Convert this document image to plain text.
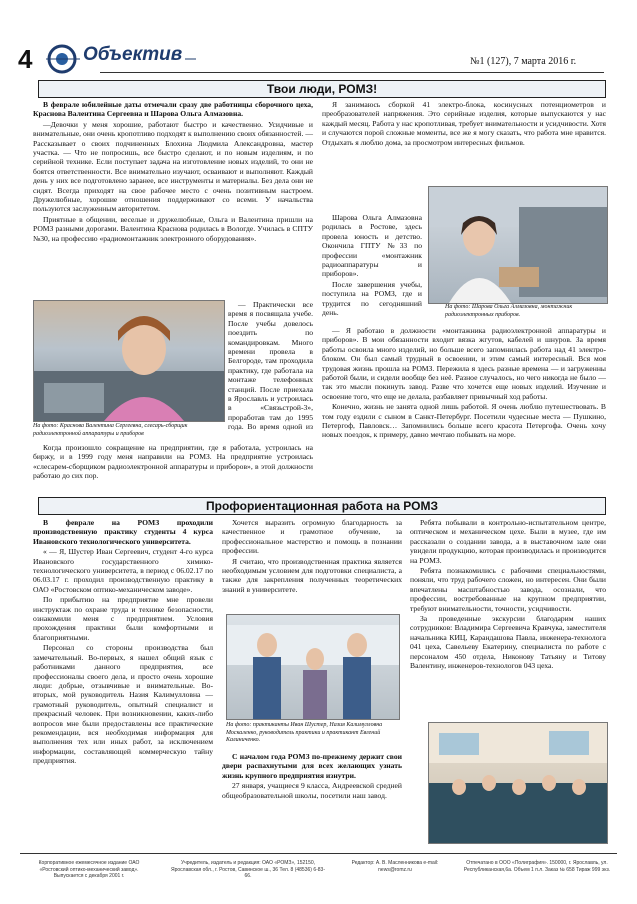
4	Объектив	№1 (127), 7 марта 2016 г.
Твои люди, РОМЗ!

В феврале юбилейные даты отмечали сразу две работницы сборочного цеха, Краснова Валентина Сергеевна и Шарова Ольга Алмазовна.

—Девочки у меня хорошие, работают быстро и качественно. Усидчивые и внимательные, они очень кропотливо подходят к выполнению своих обязанностей. — Рассказывает о своих подчиненных Блохина Людмила Александровна, мастер участка. — Что не попросишь, все быстро сделают, и по новым изделиям, и по серийной технике. Если поступает задача на изготовление новых изделий, то они не боятся ответственности. Все внимательно изучают, осваивают и выполняют. Каждый день у них все подготовлено заранее, все инструменты и материалы. Без дела они не сидят. Всегда приходят на свое рабочее место с очень позитивным настроем. Дружелюбные, хорошие отношения поддерживают со всеми. У начальства пользуются заслуженным авторитетом.

Приятные в общении, веселые и дружелюбные, Ольга и Валентина пришли на РОМЗ разными дорогами. Валентина Краснова родилась в Вологде. Училась в СПТУ №30, на профессию «радиомонтажник электронного оборудования».

На фото: Краснова Валентина Сергеевна, слесарь-сборщик радиоэлектронной аппаратуры и приборов

— Практически все время я посвящала учебе. После учебы довелось поездить по командировкам. Много времени провела в Белгороде, там проходила практику, где работала на монтаже телефонных станций. После приехала в Ярославль и устроилась в «Связьстрой-3», проработав там до 1995 года. Во время одной из

Когда произошло сокращение на предприятии, где я работала, устроилась на биржу, и в 1999 году меня направили на РОМЗ. На предприятие устроилась «слесарем-сборщиком радиоэлектронной аппаратуры и приборов», в этой должности работаю до сих пор.

Я занимаюсь сборкой 41 электро-блока, косинусных потенциометров и преобразователей напряжения. Это серийные изделия, которые выпускаются у нас каждый месяц. Работа у нас кропотливая, требует внимательности и усидчивости. Хотя и случаются порой сложные моменты, все же я могу сказать, что работа мне нравится. Отдыхать я люблю дома, за просмотром интересных фильмов.

Шарова Ольга Алмазовна родилась в Ростове, здесь провела юность и детство. Окончила ГПТУ №33 по профессии «монтажник радиоаппаратуры и приборов».

После завершения учебы, поступила на РОМЗ, где и трудится по сегодняшний день.

На фото: Шарова Ольга Алмазовна, монтажник радиоэлектронных приборов.

— Я работаю в должности «монтажника радиоэлектронной аппаратуры и приборов». В мои обязанности входит вязка жгутов, кабелей и шнуров. За время работы освоила много изделий, но больше всего запомнилась работа над 41 электро-блоком. Он был самый трудный в освоении, и этим самый интересный. Вся моя трудовая жизнь прошла на РОМЗ. Пережила я здесь разные времена — и загруженны работой были, и сидели вообще без неё. Разное случалось, но чего никогда не было — так это мысли покинуть завод. Разве что хочется еще новых изделий. Изучение и освоение того, что еще не делала, разбавляет привычный ход работы.

Конечно, жизнь не занята одной лишь работой. Я очень люблю путешествовать. В том году ездили с сыном в Санкт-Петербург. Посетили чудесные места — Пушкино, Петергоф, Павловск… Запомнились больше всего красота Петергофа. Очень хочу новых поездок, к примеру, давно мечтаю побывать на море.

Профориентационная работа на РОМЗ

В феврале на РОМЗ проходили производственную практику студенты 4 курса Ивановского технологического университета.

« — Я, Шустер Иван Сергеевич, студент 4-го курса Ивановского государственного химико-технологического университета, в период с 06.02.17 по 06.03.17 г. проходил производственную практику в ОАО «Ростовском оптико-механическом заводе».

По прибытию на предприятие мне провели инструктаж по охране труда и технике безопасности, ознакомили меня с предприятием. Условия прохождения практики были комфортными и благоприятными.

Персонал со стороны производства был замечательный. Во-первых, я нашел общий язык с работниками данного предприятия, все профессионалы своего дела, и просто очень хорошие люди: добрые, отзывчивые и внимательные. Во-вторых, мой руководитель Назия Калимулловна — грамотный руководитель, опытный специалист и прекрасный человек. При возникновении, каких-либо вопросов мне были предоставлены все практические рекомендации, вся необходимая информация для выполнения тех или иных работ, за исключением информации, составляющей коммерческую тайну предприятия.

Хочется выразить огромную благодарность за качественное и грамотное обучение, за профессиональное мастерство и помощь в познании профессии.

Я считаю, что производственная практика является необходимым условием для подготовки специалиста, а также для закрепления полученных теоретических знаний в университете.

На фото: практиканты Иван Шустер, Назия Калимулловна Москаленко, руководитель практики и практикант Евгений Калиниченко.

С началом года РОМЗ по-прежнему держит свои двери распахнутыми для всех желающих узнать жизнь крупного предприятия изнутри.

27 января, учащиеся 9 класса, Андреевской средней общеобразовательной школы, посетили наш завод.

Ребята побывали в контрольно-испытательном центре, оптическом и механическом цехе. Были в музее, где им рассказали о создании завода, а в выставочном зале они увидели продукцию, которая производилась и производится на РОМЗ.

Ребята познакомились с рабочими специальностями, поняли, что труд рабочего сложен, но интересен. Они были впечатлены масштабностью завода, осознали, что профессии, востребованные на крупном предприятии, требуют внимательности, точности, усидчивости.

За проведенные экскурсии благодарим наших сотрудников: Владимира Сергеевича Кравчука, заместителя начальника КИЦ, Карандашова Павла, инженера-технолога 041 цеха, Савельеву Екатерину, специалиста по работе с персоналом 450 отдела, Никонову Татьяну и Титову Валентину, инженеров-технологов 043 цеха.

Корпоративное ежемесячное издание ОАО «Ростовский оптико-механический завод». Выпускается с декабря 2001 г.
Учредитель, издатель и редакция: ОАО «РОМЗ», 152150, Ярославская обл., г. Ростов, Савинское ш., 36 Тел. 8 (48536) 6-83-66.
Редактор: А. В. Масленникова e-mail: news@romz.ru
Отпечатано в ООО «Полиграфия». 150000, г. Ярославль, ул. Республиканская,6а. Объем 1 п.л. Заказ № 658 Тираж 999 экз.
